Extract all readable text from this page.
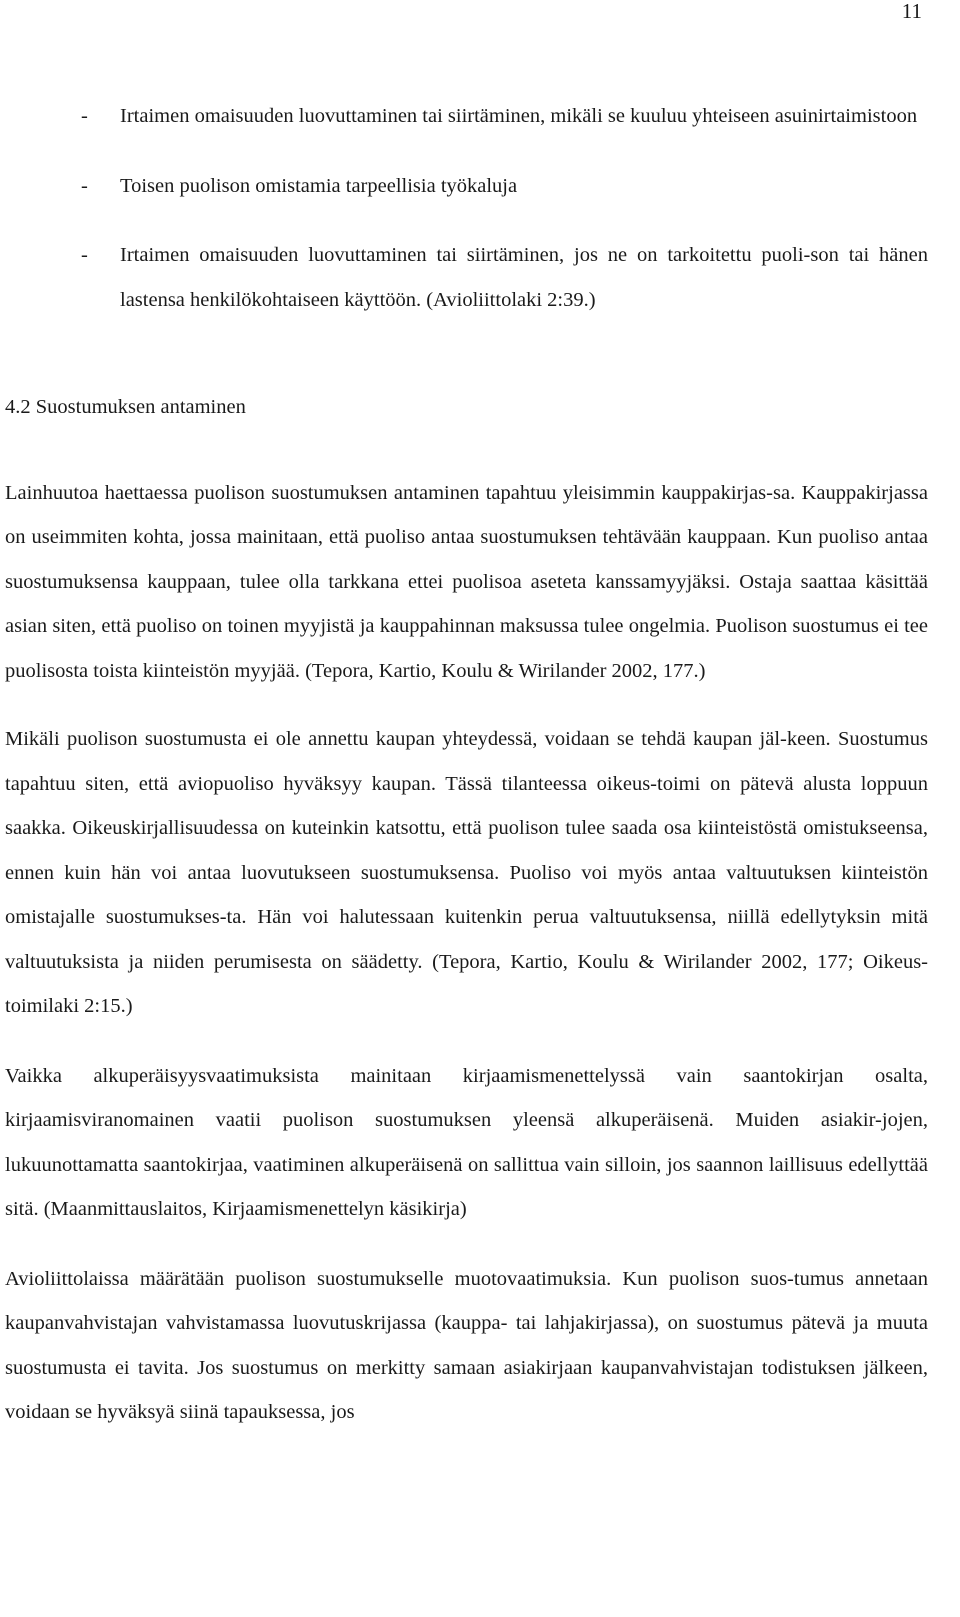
11
- Irtaimen omaisuuden luovuttaminen tai siirtäminen, mikäli se kuuluu yhteiseen asuinirtaimistoon
- Toisen puolison omistamia tarpeellisia työkaluja
- Irtaimen omaisuuden luovuttaminen tai siirtäminen, jos ne on tarkoitettu puoli-son tai hänen lastensa henkilökohtaiseen käyttöön. (Avioliittolaki 2:39.)
4.2 Suostumuksen antaminen

Lainhuutoa haettaessa puolison suostumuksen antaminen tapahtuu yleisimmin kauppakirjas-sa. Kauppakirjassa on useimmiten kohta, jossa mainitaan, että puoliso antaa suostumuksen tehtävään kauppaan. Kun puoliso antaa suostumuksensa kauppaan, tulee olla tarkkana ettei puolisoa aseteta kanssamyyjäksi. Ostaja saattaa käsittää asian siten, että puoliso on toinen myyjistä ja kauppahinnan maksussa tulee ongelmia. Puolison suostumus ei tee puolisosta toista kiinteistön myyjää. (Tepora, Kartio, Koulu & Wirilander 2002, 177.)

Mikäli puolison suostumusta ei ole annettu kaupan yhteydessä, voidaan se tehdä kaupan jäl-keen. Suostumus tapahtuu siten, että aviopuoliso hyväksyy kaupan. Tässä tilanteessa oikeus-toimi on pätevä alusta loppuun saakka. Oikeuskirjallisuudessa on kuteinkin katsottu, että puolison tulee saada osa kiinteistöstä omistukseensa, ennen kuin hän voi antaa luovutukseen suostumuksensa. Puoliso voi myös antaa valtuutuksen kiinteistön omistajalle suostumukses-ta. Hän voi halutessaan kuitenkin perua valtuutuksensa, niillä edellytyksin mitä valtuutuksista ja niiden perumisesta on säädetty. (Tepora, Kartio, Koulu & Wirilander 2002, 177; Oikeus-toimilaki 2:15.)

Vaikka alkuperäisyysvaatimuksista mainitaan kirjaamismenettelyssä vain saantokirjan osalta, kirjaamisviranomainen vaatii puolison suostumuksen yleensä alkuperäisenä. Muiden asiakir-jojen, lukuunottamatta saantokirjaa, vaatiminen alkuperäisenä on sallittua vain silloin, jos saannon laillisuus edellyttää sitä. (Maanmittauslaitos, Kirjaamismenettelyn käsikirja)

Avioliittolaissa määrätään puolison suostumukselle muotovaatimuksia. Kun puolison suos-tumus annetaan kaupanvahvistajan vahvistamassa luovutuskrijassa (kauppa- tai lahjakirjassa), on suostumus pätevä ja muuta suostumusta ei tavita. Jos suostumus on merkitty samaan asiakirjaan kaupanvahvistajan todistuksen jälkeen, voidaan se hyväksyä siinä tapauksessa, jos
